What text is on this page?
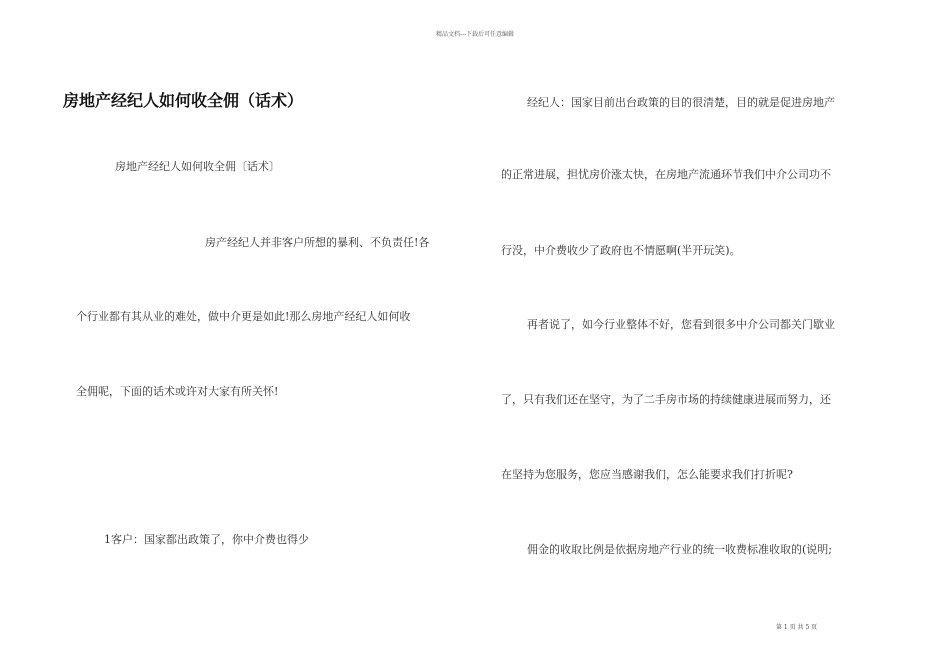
精品文档---下载后可任意编辑
房地产经纪人如何收全佣（话术）
房地产经纪人如何收全佣〔话术〕
房产经纪人并非客户所想的暴利、不负责任!各
个行业都有其从业的难处，做中介更是如此!那么房地产经纪人如何收
全佣呢，下面的话术或许对大家有所关怀!
1客户：国家都出政策了，你中介费也得少
经纪人：国家目前出台政策的目的很清楚，目的就是促进房地产
的正常进展，担忧房价涨太快，在房地产流通环节我们中介公司功不
行没，中介费收少了政府也不情愿啊(半开玩笑)。
再者说了，如今行业整体不好，您看到很多中介公司都关门歇业
了，只有我们还在坚守，为了二手房市场的持续健康进展而努力，还
在坚持为您服务，您应当感谢我们，怎么能要求我们打折呢?
佣金的收取比例是依据房地产行业的统一收费标准收取的(说明;
第 1 页 共 5 页
